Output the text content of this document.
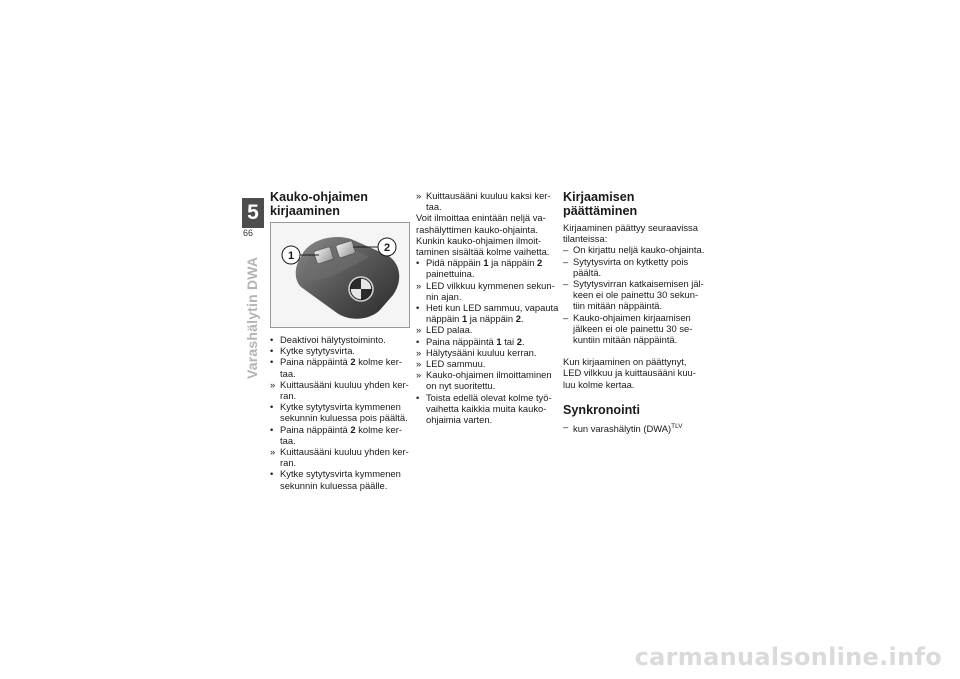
5
66
Varashälytin DWA
Kauko-ohjaimen
kirjaaminen
1
2
• Deaktivoi hälytystoiminto.
• Kytke sytytysvirta.
• Paina näppäintä 2 kolme ker-
taa.
» Kuittausääni kuuluu yhden ker-
ran.
• Kytke sytytysvirta kymmenen
sekunnin kuluessa pois päältä.
• Paina näppäintä 2 kolme ker-
taa.
» Kuittausääni kuuluu yhden ker-
ran.
• Kytke sytytysvirta kymmenen
sekunnin kuluessa päälle.
» Kuittausääni kuuluu kaksi ker-
taa.
Voit ilmoittaa enintään neljä va-
rashälyttimen kauko-ohjainta.
Kunkin kauko-ohjaimen ilmoit-
taminen sisältää kolme vaihetta.
• Pidä näppäin 1 ja näppäin 2
painettuina.
» LED vilkkuu kymmenen sekun-
nin ajan.
• Heti kun LED sammuu, vapauta
näppäin 1 ja näppäin 2.
» LED palaa.
• Paina näppäintä 1 tai 2.
» Hälytysääni kuuluu kerran.
» LED sammuu.
» Kauko-ohjaimen ilmoittaminen
on nyt suoritettu.
• Toista edellä olevat kolme työ-
vaihetta kaikkia muita kauko-
ohjaimia varten.
Kirjaamisen päättäminen
Kirjaaminen päättyy seuraavissa
tilanteissa:
– On kirjattu neljä kauko-ohjainta.
– Sytytysvirta on kytketty pois
päältä.
– Sytytysvirran katkaisemisen jäl-
keen ei ole painettu 30 sekun-
tiin mitään näppäintä.
– Kauko-ohjaimen kirjaamisen
jälkeen ei ole painettu 30 se-
kuntiin mitään näppäintä.
Kun kirjaaminen on päättynyt,
LED vilkkuu ja kuittausääni kuu-
luu kolme kertaa.
Synkronointi
– kun varashälytin (DWA)$^{TLV}$
carmanualsonline.info
